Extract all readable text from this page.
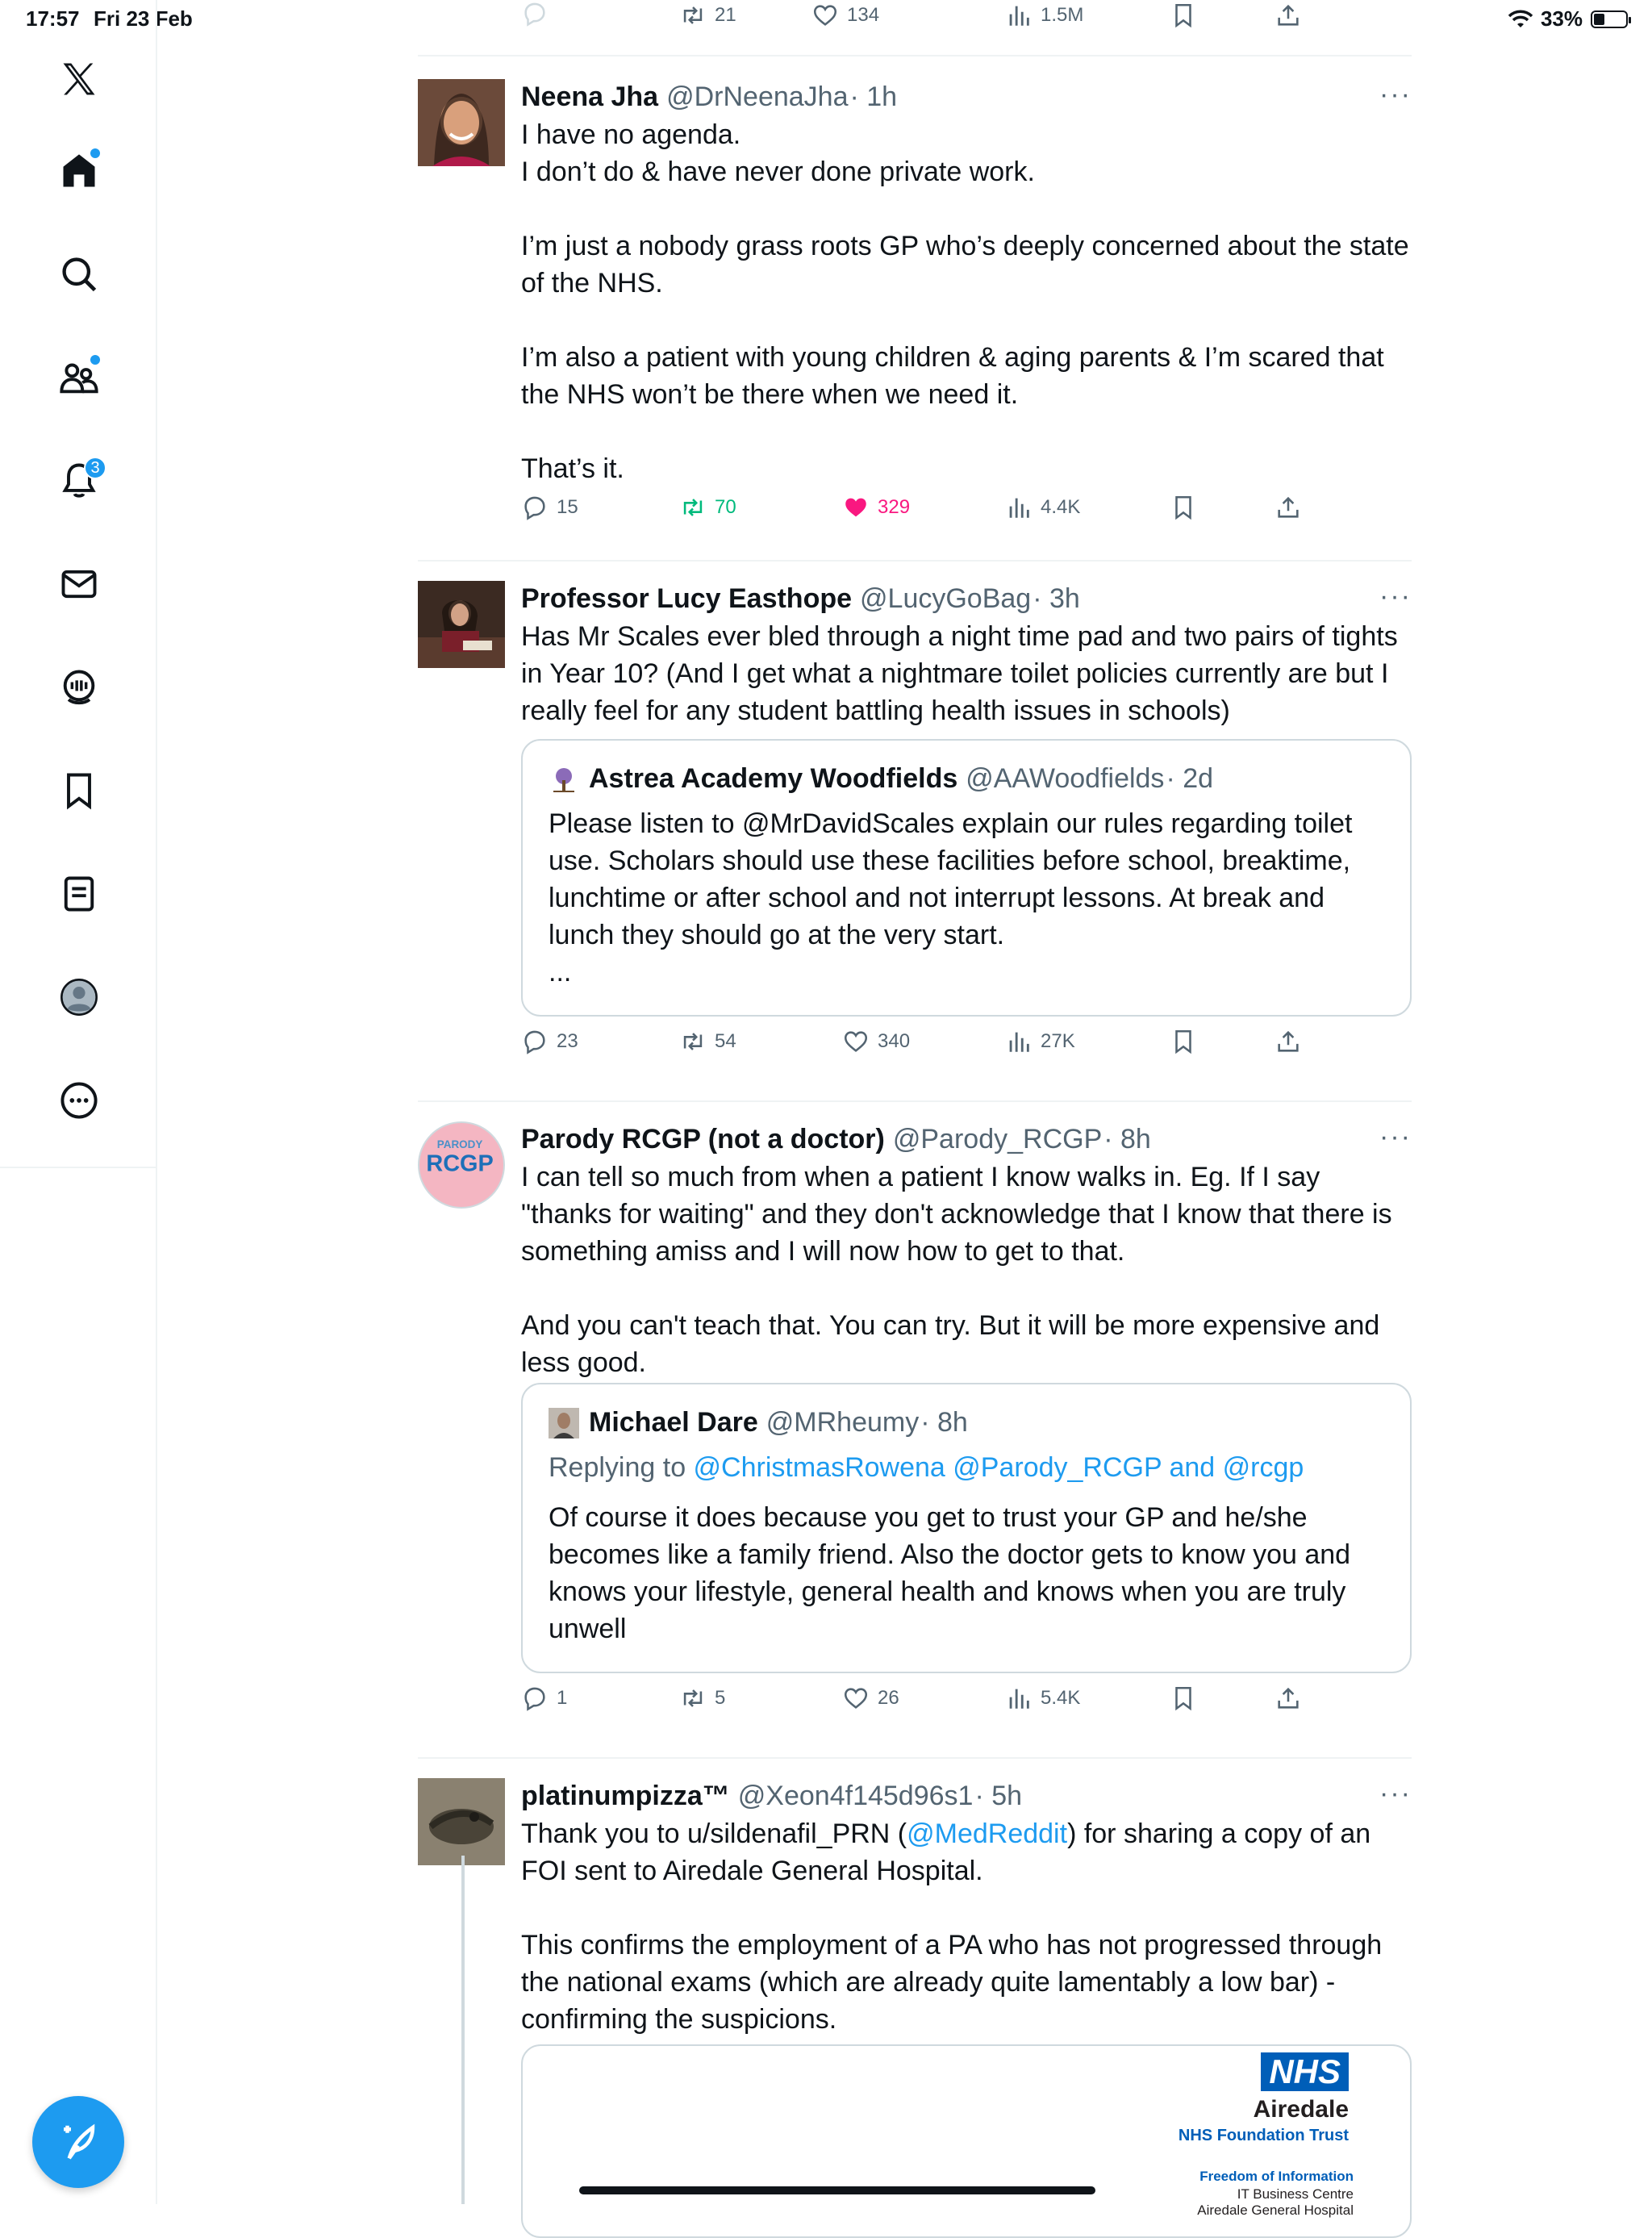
17:57 Fri 23 Feb	33%
3
21	134	1.5M
Neena Jha @DrNeenaJha · 1h	···
I have no agenda.
I don’t do & have never done private work.

I’m just a nobody grass roots GP who’s deeply concerned about the state of the NHS.

I’m also a patient with young children & aging parents & I’m scared that the NHS won’t be there when we need it.

That’s it.
15	70	329	4.4K
Professor Lucy Easthope @LucyGoBag · 3h	···
Has Mr Scales ever bled through a night time pad and two pairs of tights in Year 10? (And I get what a nightmare toilet policies currently are but I really feel for any student battling health issues in schools)
Astrea Academy Woodfields @AAWoodfields · 2d
Please listen to @MrDavidScales explain our rules regarding toilet use. Scholars should use these facilities before school, breaktime, lunchtime or after school and not interrupt lessons. At break and lunch they should go at the very start.
...
23	54	340	27K
PARODY
RCGP
Parody RCGP (not a doctor) @Parody_RCGP · 8h	···
I can tell so much from when a patient I know walks in. Eg. If I say "thanks for waiting" and they don't acknowledge that I know that there is something amiss and I will now how to get to that.

And you can't teach that. You can try. But it will be more expensive and less good.
Michael Dare @MRheumy · 8h
Replying to @ChristmasRowena @Parody_RCGP and @rcgp
Of course it does because you get to trust your GP and he/she becomes like a family friend. Also the doctor gets to know you and knows your lifestyle, general health and knows when you are truly unwell
1	5	26	5.4K
platinumpizza™ @Xeon4f145d96s1 · 5h	···
Thank you to u/sildenafil_PRN (@MedReddit) for sharing a copy of an FOI sent to Airedale General Hospital.

This confirms the employment of a PA who has not progressed through the national exams (which are already quite lamentably a low bar) - confirming the suspicions.
NHS
Airedale
NHS Foundation Trust
Freedom of Information
IT Business Centre
Airedale General Hospital
